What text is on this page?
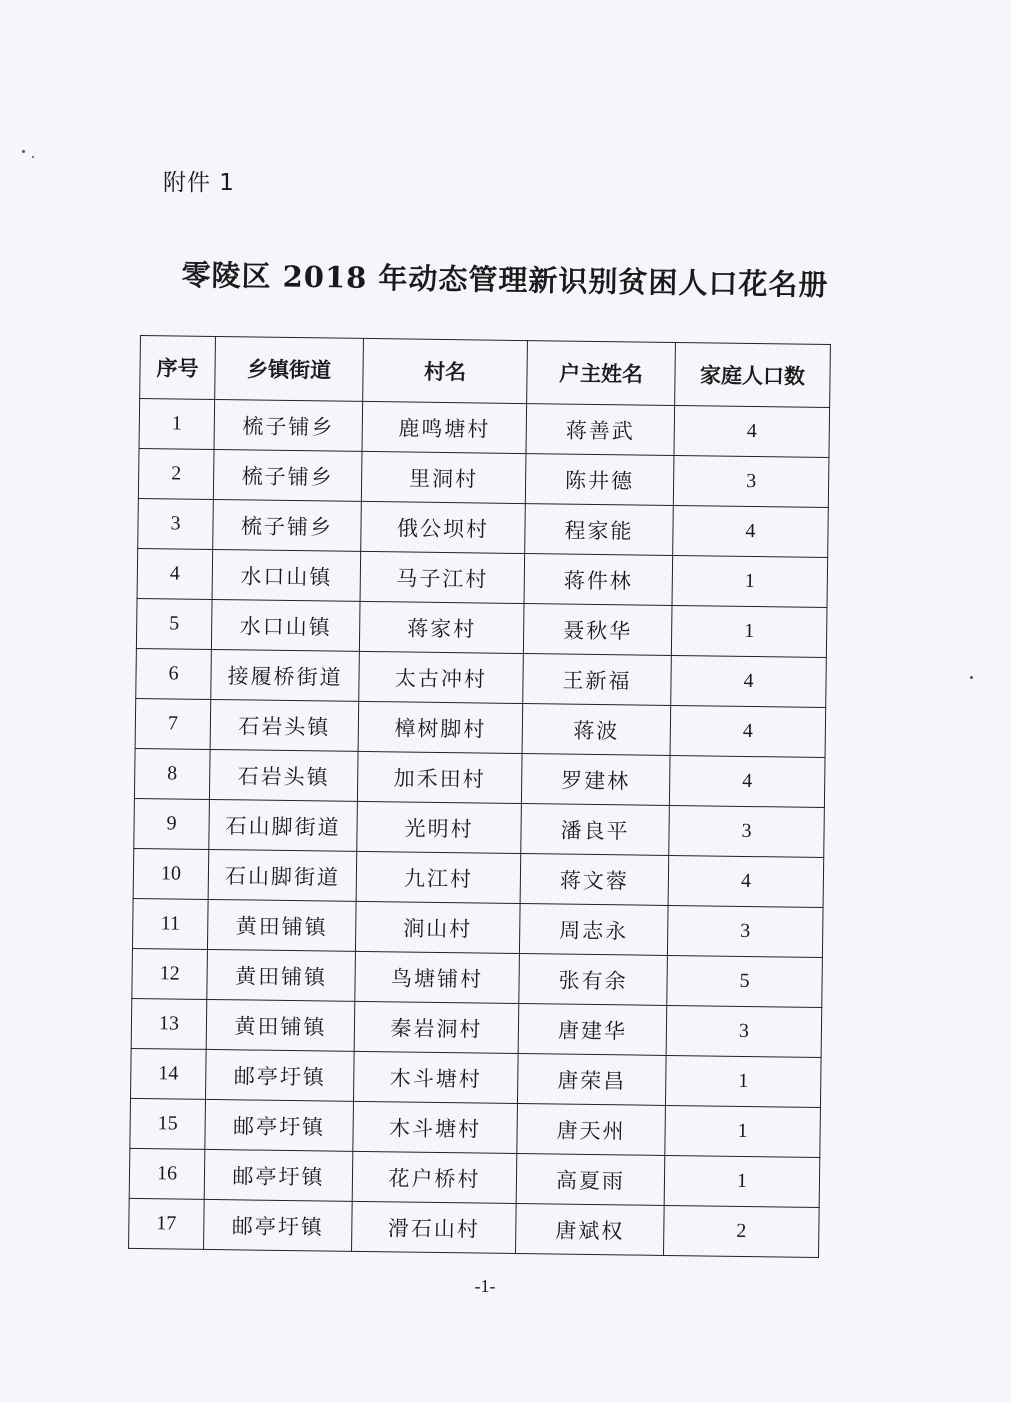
附件 1
零陵区 2018 年动态管理新识别贫困人口花名册
序号	乡镇街道	村名	户主姓名	家庭人口数
1	梳子铺乡	鹿鸣塘村	蒋善武	4
2	梳子铺乡	里洞村	陈井德	3
3	梳子铺乡	俄公坝村	程家能	4
4	水口山镇	马子江村	蒋件林	1
5	水口山镇	蒋家村	聂秋华	1
6	接履桥街道	太古冲村	王新福	4
7	石岩头镇	樟树脚村	蒋波	4
8	石岩头镇	加禾田村	罗建林	4
9	石山脚街道	光明村	潘良平	3
10	石山脚街道	九江村	蒋文蓉	4
11	黄田铺镇	涧山村	周志永	3
12	黄田铺镇	鸟塘铺村	张有余	5
13	黄田铺镇	秦岩洞村	唐建华	3
14	邮亭圩镇	木斗塘村	唐荣昌	1
15	邮亭圩镇	木斗塘村	唐天州	1
16	邮亭圩镇	花户桥村	高夏雨	1
17	邮亭圩镇	滑石山村	唐斌权	2
-1-
